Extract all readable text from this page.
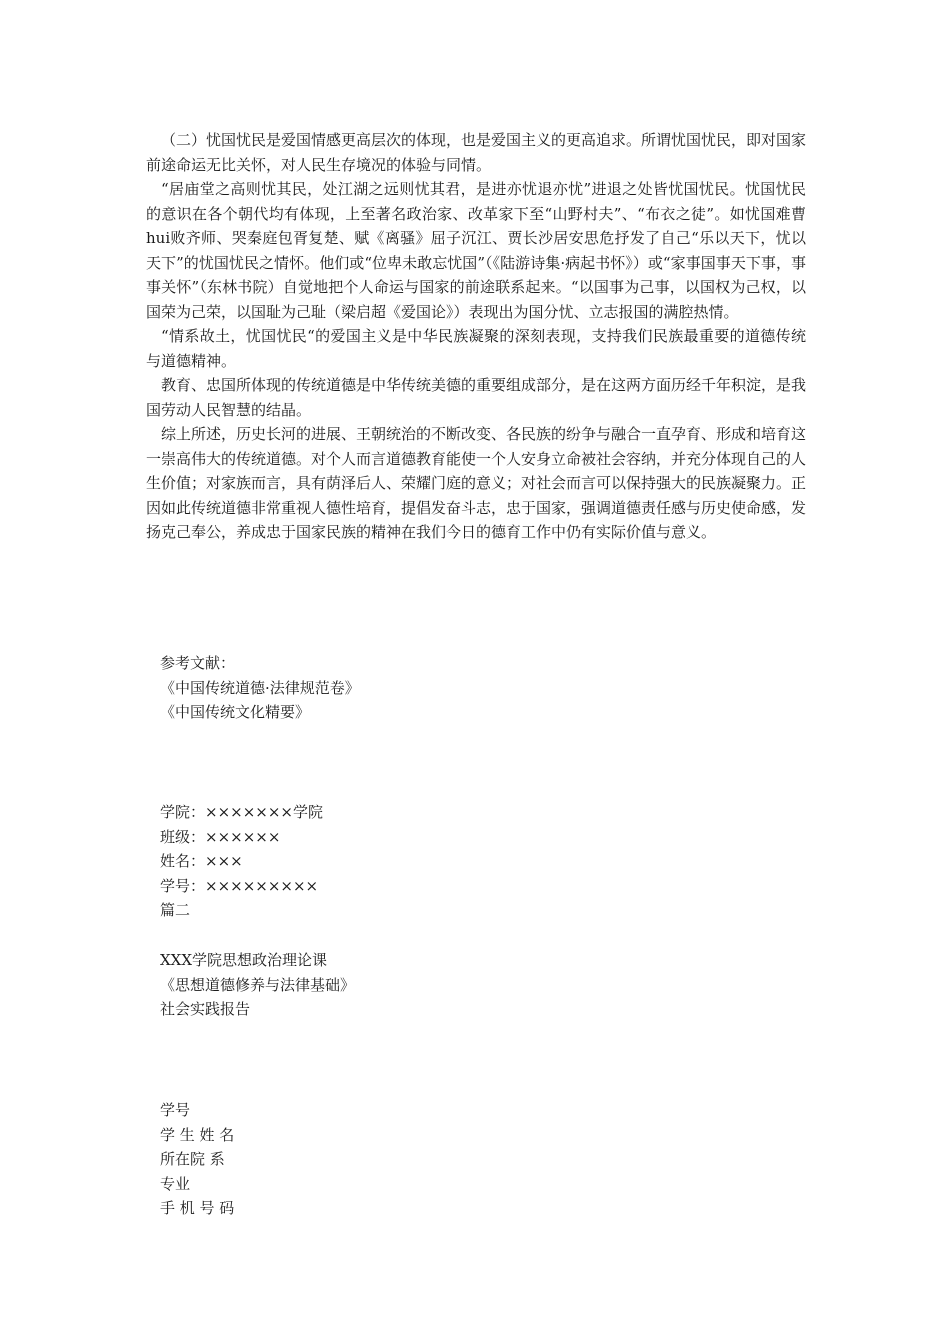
（二）忧国忧民是爱国情感更高层次的体现，也是爱国主义的更高追求。所谓忧国忧民，即对国家前途命运无比关怀，对人民生存境况的体验与同情。

“居庙堂之高则忧其民，处江湖之远则忧其君，是进亦忧退亦忧”进退之处皆忧国忧民。忧国忧民的意识在各个朝代均有体现，上至著名政治家、改革家下至“山野村夫”、“布衣之徒”。如忧国难曹hui败齐师、哭秦庭包胥复楚、赋《离骚》屈子沉江、贾长沙居安思危抒发了自己“乐以天下，忧以天下”的忧国忧民之情怀。他们或“位卑未敢忘忧国”（《陆游诗集·病起书怀》）或“家事国事天下事，事事关怀”（东林书院）自觉地把个人命运与国家的前途联系起来。“以国事为己事，以国权为己权，以国荣为己荣，以国耻为己耻（梁启超《爱国论》）表现出为国分忧、立志报国的满腔热情。

“情系故土，忧国忧民“的爱国主义是中华民族凝聚的深刻表现，支持我们民族最重要的道德传统与道德精神。

教育、忠国所体现的传统道德是中华传统美德的重要组成部分，是在这两方面历经千年积淀，是我国劳动人民智慧的结晶。

综上所述，历史长河的进展、王朝统治的不断改变、各民族的纷争与融合一直孕育、形成和培育这一崇高伟大的传统道德。对个人而言道德教育能使一个人安身立命被社会容纳，并充分体现自己的人生价值；对家族而言，具有荫泽后人、荣耀门庭的意义；对社会而言可以保持强大的民族凝聚力。正因如此传统道德非常重视人德性培育，提倡发奋斗志，忠于国家，强调道德责任感与历史使命感，发扬克己奉公，养成忠于国家民族的精神在我们今日的德育工作中仍有实际价值与意义。

参考文献：
《中国传统道德·法律规范卷》
《中国传统文化精要》
学院：×××××××学院
班级：××××××
姓名：×××
学号：×××××××××
篇二
XXX学院思想政治理论课
《思想道德修养与法律基础》
社会实践报告
学号
学 生 姓 名
所在院 系
专业
手 机 号 码
